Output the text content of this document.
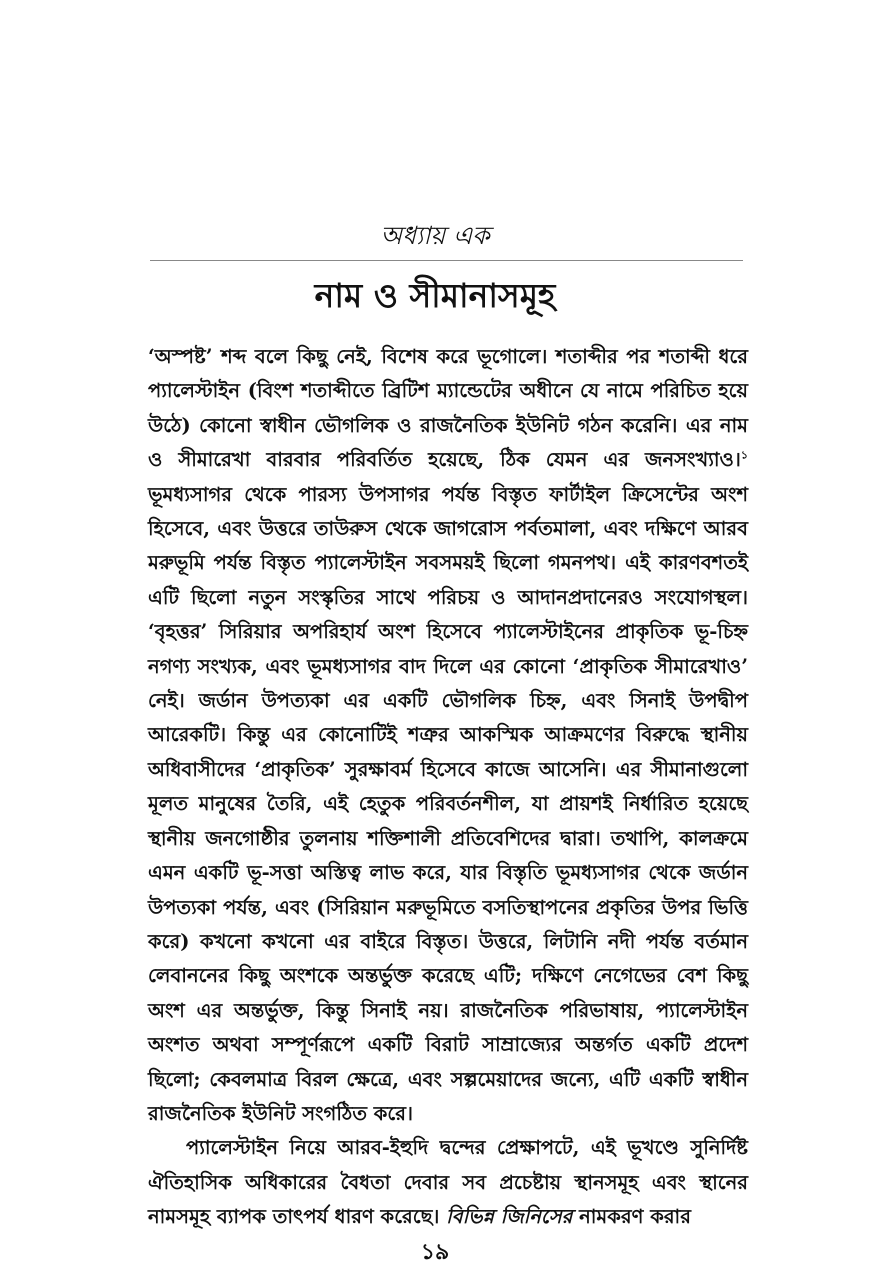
অধ্যায় এক
নাম ও সীমানাসমূহ

‘অস্পষ্ট’ শব্দ বলে কিছু নেই, বিশেষ করে ভূগোলে। শতাব্দীর পর শতাব্দী ধরে প্যালেস্টাইন (বিংশ শতাব্দীতে ব্রিটিশ ম্যান্ডেটের অধীনে যে নামে পরিচিত হয়ে উঠে) কোনো স্বাধীন ভৌগলিক ও রাজনৈতিক ইউনিট গঠন করেনি। এর নাম ও সীমারেখা বারবার পরিবর্তিত হয়েছে, ঠিক যেমন এর জনসংখ্যাও।$^১$ ভূমধ্যসাগর থেকে পারস্য উপসাগর পর্যন্ত বিস্তৃত ফার্টাইল ক্রিসেন্টের অংশ হিসেবে, এবং উত্তরে তাউরুস থেকে জাগরোস পর্বতমালা, এবং দক্ষিণে আরব মরুভূমি পর্যন্ত বিস্তৃত প্যালেস্টাইন সবসময়ই ছিলো গমনপথ। এই কারণবশতই এটি ছিলো নতুন সংস্কৃতির সাথে পরিচয় ও আদানপ্রদানেরও সংযোগস্থল। ‘বৃহত্তর’ সিরিয়ার অপরিহার্য অংশ হিসেবে প্যালেস্টাইনের প্রাকৃতিক ভূ-চিহ্ন নগণ্য সংখ্যক, এবং ভূমধ্যসাগর বাদ দিলে এর কোনো ‘প্রাকৃতিক সীমারেখাও’ নেই। জর্ডান উপত্যকা এর একটি ভৌগলিক চিহ্ন, এবং সিনাই উপদ্বীপ আরেকটি। কিন্তু এর কোনোটিই শত্রুর আকস্মিক আক্রমণের বিরুদ্ধে স্থানীয় অধিবাসীদের ‘প্রাকৃতিক’ সুরক্ষাবর্ম হিসেবে কাজে আসেনি। এর সীমানাগুলো মূলত মানুষের তৈরি, এই হেতুক পরিবর্তনশীল, যা প্রায়শই নির্ধারিত হয়েছে স্থানীয় জনগোষ্ঠীর তুলনায় শক্তিশালী প্রতিবেশিদের দ্বারা। তথাপি, কালক্রমে এমন একটি ভূ-সত্তা অস্তিত্ব লাভ করে, যার বিস্তৃতি ভূমধ্যসাগর থেকে জর্ডান উপত্যকা পর্যন্ত, এবং (সিরিয়ান মরুভূমিতে বসতিস্থাপনের প্রকৃতির উপর ভিত্তি করে) কখনো কখনো এর বাইরে বিস্তৃত। উত্তরে, লিটানি নদী পর্যন্ত বর্তমান লেবাননের কিছু অংশকে অন্তর্ভুক্ত করেছে এটি; দক্ষিণে নেগেভের বেশ কিছু অংশ এর অন্তর্ভুক্ত, কিন্তু সিনাই নয়। রাজনৈতিক পরিভাষায়, প্যালেস্টাইন অংশত অথবা সম্পূর্ণরূপে একটি বিরাট সাম্রাজ্যের অন্তর্গত একটি প্রদেশ ছিলো; কেবলমাত্র বিরল ক্ষেত্রে, এবং সল্পমেয়াদের জন্যে, এটি একটি স্বাধীন রাজনৈতিক ইউনিট সংগঠিত করে।

প্যালেস্টাইন নিয়ে আরব-ইহুদি দ্বন্দের প্রেক্ষাপটে, এই ভূখণ্ডে সুনির্দিষ্ট ঐতিহাসিক অধিকারের বৈধতা দেবার সব প্রচেষ্টায় স্থানসমূহ এবং স্থানের নামসমূহ ব্যাপক তাৎপর্য ধারণ করেছে। বিভিন্ন জিনিসের নামকরণ করার

১৯
